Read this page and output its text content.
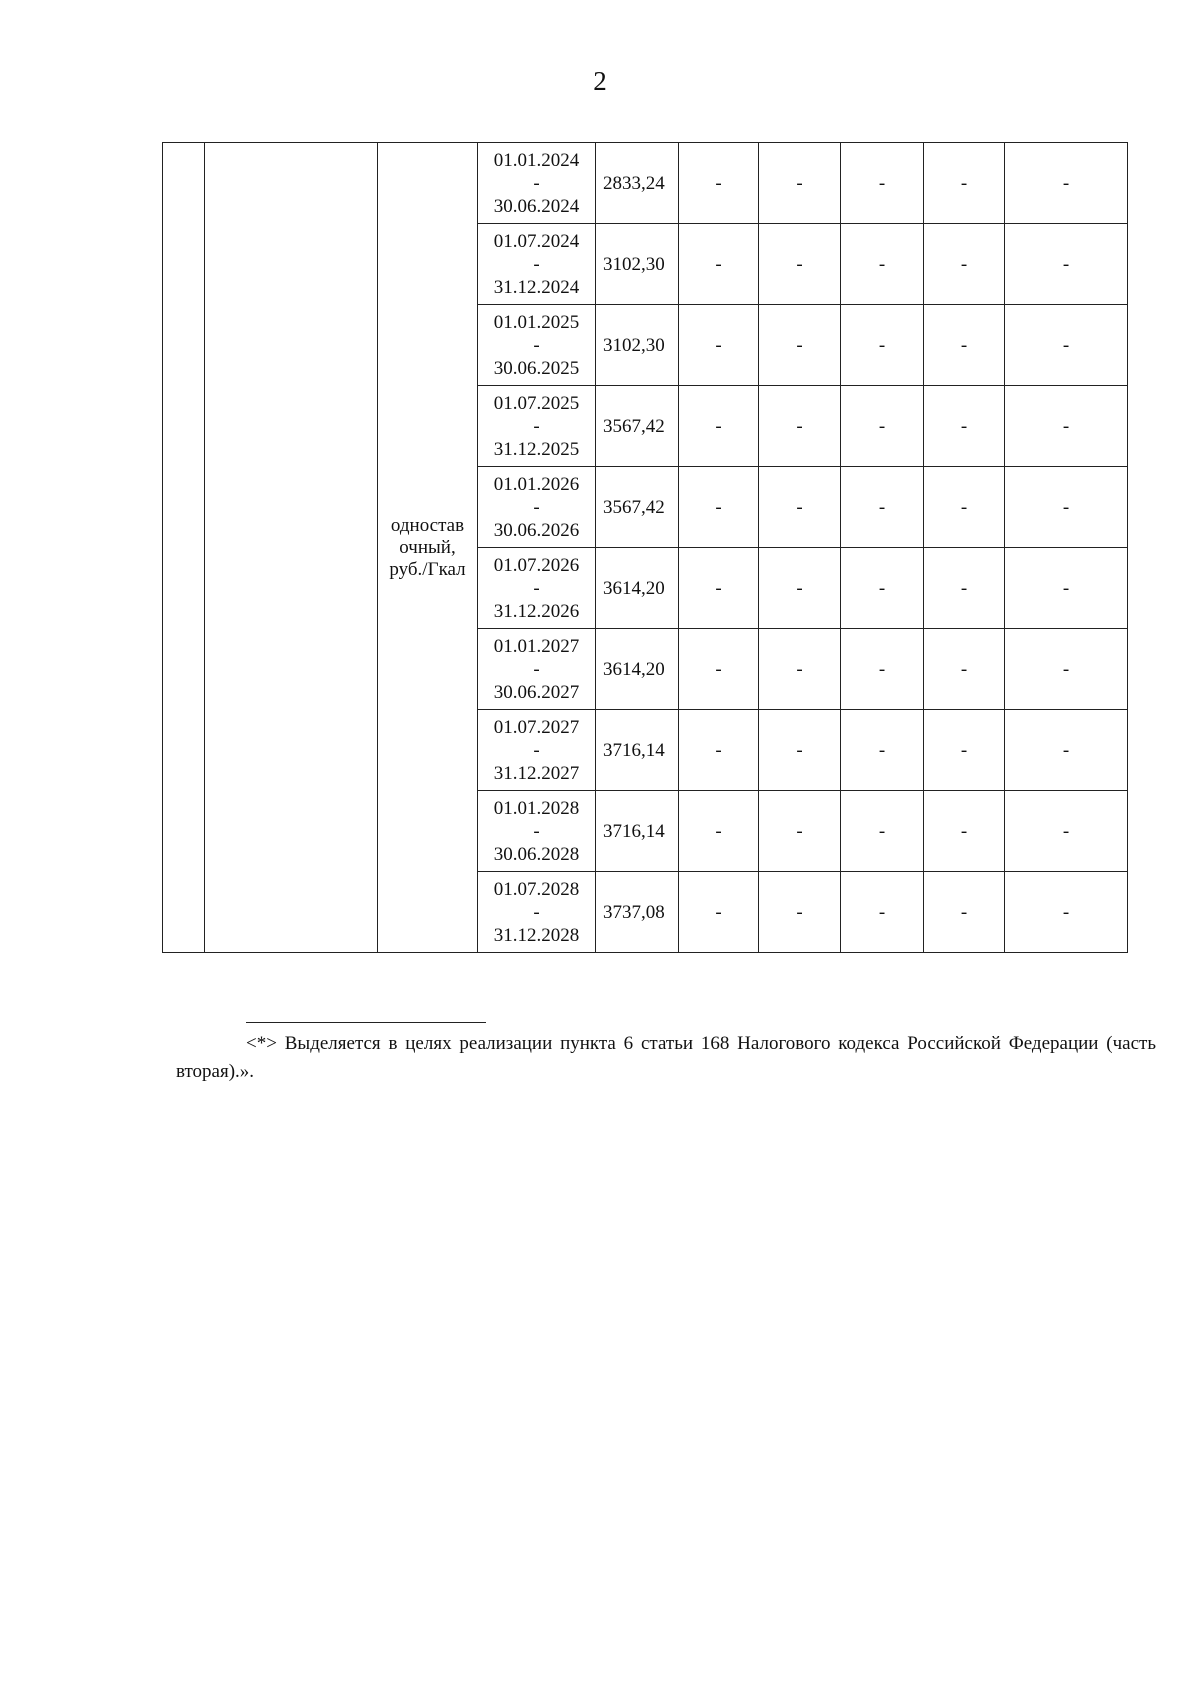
2
		одностав очный, руб./Гкал	01.01.2024
-
30.06.2024	2833,24	-	-	-	-	-

			01.07.2024
-
31.12.2024	3102,30	-	-	-	-	-

			01.01.2025
-
30.06.2025	3102,30	-	-	-	-	-

			01.07.2025
-
31.12.2025	3567,42	-	-	-	-	-

			01.01.2026
-
30.06.2026	3567,42	-	-	-	-	-

			01.07.2026
-
31.12.2026	3614,20	-	-	-	-	-

			01.01.2027
-
30.06.2027	3614,20	-	-	-	-	-

			01.07.2027
-
31.12.2027	3716,14	-	-	-	-	-

			01.01.2028
-
30.06.2028	3716,14	-	-	-	-	-

			01.07.2028
-
31.12.2028	3737,08	-	-	-	-	-
<*> Выделяется в целях реализации пункта 6 статьи 168 Налогового кодекса Российской Федерации (часть вторая).».
